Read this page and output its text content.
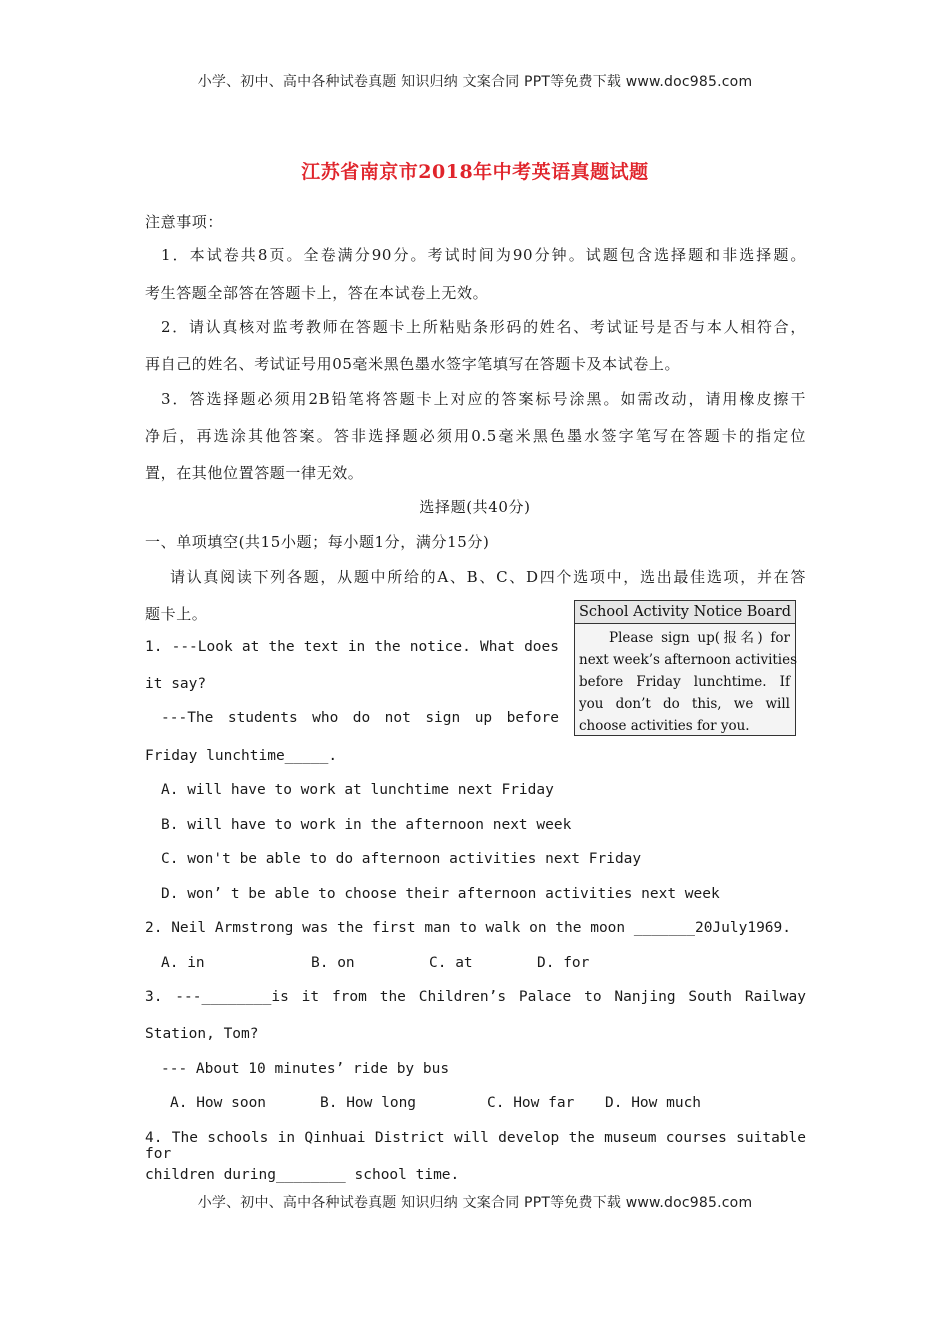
小学、初中、高中各种试卷真题 知识归纳 文案合同 PPT等免费下载 www.doc985.com
江苏省南京市2018年中考英语真题试题
注意事项：
1．本试卷共8页。全卷满分90分。考试时间为90分钟。试题包含选择题和非选择题。
考生答题全部答在答题卡上，答在本试卷上无效。
2．请认真核对监考教师在答题卡上所粘贴条形码的姓名、考试证号是否与本人相符合，
再自己的姓名、考试证号用05毫米黑色墨水签字笔填写在答题卡及本试卷上。
3．答选择题必须用2B铅笔将答题卡上对应的答案标号涂黑。如需改动，请用橡皮擦干
净后，再选涂其他答案。答非选择题必须用0.5毫米黑色墨水签字笔写在答题卡的指定位
置，在其他位置答题一律无效。
选择题(共40分)
一、单项填空(共15小题；每小题1分，满分15分)
请认真阅读下列各题，从题中所给的A、B、C、D四个选项中，选出最佳选项，并在答
题卡上。	School Activity Notice Board
Please sign up(报名) for
next week’s afternoon activities
before Friday lunchtime. If
you don’t do this, we will
choose activities for you.
1. ---Look at the text in the notice. What does
it say?
---The students who do not sign up before
Friday lunchtime_____.
A. will have to work at lunchtime next Friday
B. will have to work in the afternoon next week
C. won't be able to do afternoon activities next Friday
D. won’ t be able to choose their afternoon activities next week
2. Neil Armstrong was the first man to walk on the moon _______20July1969.
A. in	B. on	C. at	D. for
3. ---________is it from the Children’s Palace to Nanjing South Railway
Station, Tom?
--- About 10 minutes’ ride by bus
A. How soon	B. How long	C. How far D. How much
4. The schools in Qinhuai District will develop the museum courses suitable for
children during________ school time.
小学、初中、高中各种试卷真题 知识归纳 文案合同 PPT等免费下载 www.doc985.com
